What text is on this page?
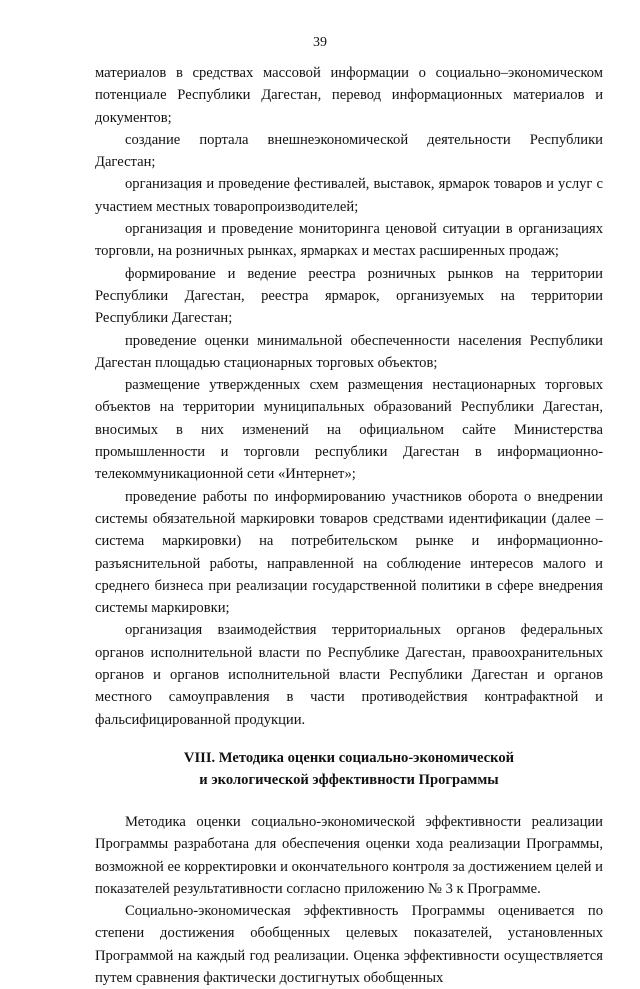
39

материалов в средствах массовой информации о социально–экономическом потенциале Республики Дагестан, перевод информационных материалов и документов;

создание портала внешнеэкономической деятельности Республики Дагестан;

организация и проведение фестивалей, выставок, ярмарок товаров и услуг с участием местных товаропроизводителей;

организация и проведение мониторинга ценовой ситуации в организациях торговли, на розничных рынках, ярмарках и местах расширенных продаж;

формирование и ведение реестра розничных рынков на территории Республики Дагестан, реестра ярмарок, организуемых на территории Республики Дагестан;

проведение оценки минимальной обеспеченности населения Республики Дагестан площадью стационарных торговых объектов;

размещение утвержденных схем размещения нестационарных торговых объектов на территории муниципальных образований Республики Дагестан, вносимых в них изменений на официальном сайте Министерства промышленности и торговли республики Дагестан в информационно-телекоммуникационной сети «Интернет»;

проведение работы по информированию участников оборота о внедрении системы обязательной маркировки товаров средствами идентификации (далее – система маркировки) на потребительском рынке и информационно-разъяснительной работы, направленной на соблюдение интересов малого и среднего бизнеса при реализации государственной политики в сфере внедрения системы маркировки;

организация взаимодействия территориальных органов федеральных органов исполнительной власти по Республике Дагестан, правоохранительных органов и органов исполнительной власти Республики Дагестан и органов местного самоуправления в части противодействия контрафактной и фальсифицированной продукции.

VIII. Методика оценки социально-экономической
и экологической эффективности Программы

Методика оценки социально-экономической эффективности реализации Программы разработана для обеспечения оценки хода реализации Программы, возможной ее корректировки и окончательного контроля за достижением целей и показателей результативности согласно приложению № 3 к Программе.

Социально-экономическая эффективность Программы оценивается по степени достижения обобщенных целевых показателей, установленных Программой на каждый год реализации. Оценка эффективности осуществляется путем сравнения фактически достигнутых обобщенных
